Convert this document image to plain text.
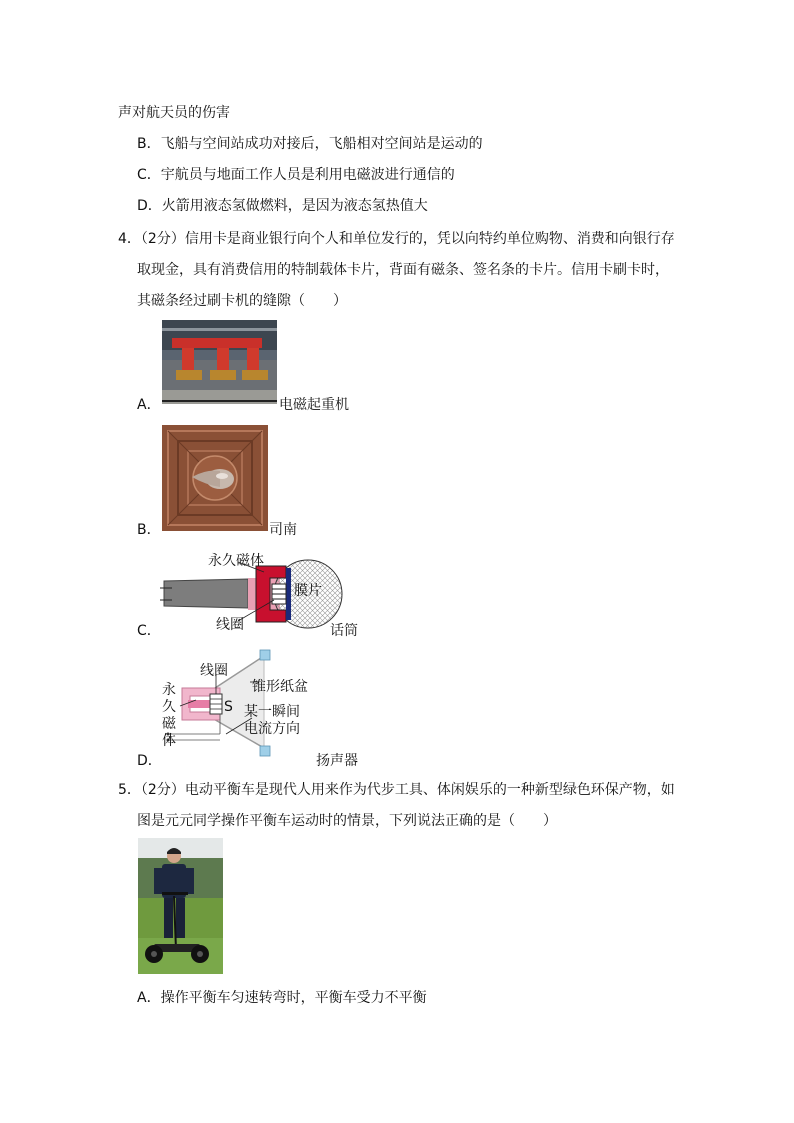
声对航天员的伤害
B．飞船与空间站成功对接后，飞船相对空间站是运动的
C．宇航员与地面工作人员是利用电磁波进行通信的
D．火箭用液态氢做燃料，是因为液态氢热值大
4．（2分）信用卡是商业银行向个人和单位发行的，凭以向特约单位购物、消费和向银行存
取现金，具有消费信用的特制载体卡片，背面有磁条、签名条的卡片。信用卡刷卡时，
其磁条经过刷卡机的缝隙（　　）
A．	电磁起重机
B．	司南
永久磁体
膜片
线圈
C．	话筒
线圈
永
久
磁
体
锥形纸盆
S 某一瞬间
电流方向
D．	扬声器
5．（2分）电动平衡车是现代人用来作为代步工具、体闲娱乐的一种新型绿色环保产物，如
图是元元同学操作平衡车运动时的情景，下列说法正确的是（　　）
A．操作平衡车匀速转弯时，平衡车受力不平衡
